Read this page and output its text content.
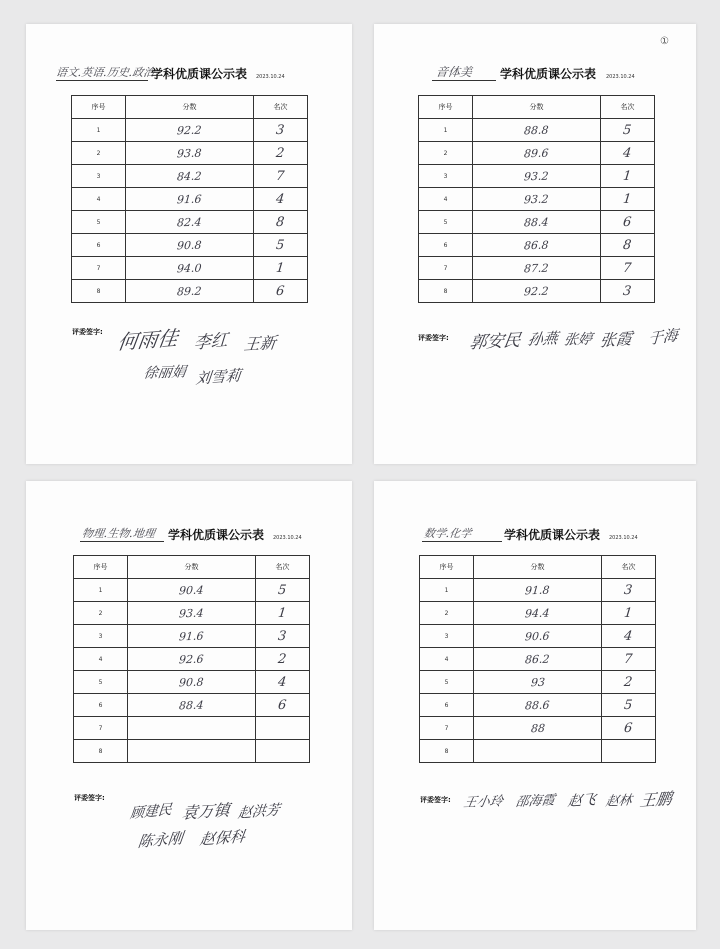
语文.英语.历史.政治
学科优质课公示表 2023.10.24
序号	分数	名次
1	92.2	3
2	93.8	2
3	84.2	7
4	91.6	4
5	82.4	8
6	90.8	5
7	94.0	1
8	89.2	6
评委签字: 何雨佳 李红 王新
徐丽娟 刘雪莉
①
音体美 学科优质课公示表 2023.10.24
序号	分数	名次
1	88.8	5
2	89.6	4
3	93.2	1
4	93.2	1
5	88.4	6
6	86.8	8
7	87.2	7
8	92.2	3
评委签字: 郭安民 孙燕 张婷 张霞 于海
物理.生物.地理 学科优质课公示表 2023.10.24
序号	分数	名次
1	90.4	5
2	93.4	1
3	91.6	3
4	92.6	2
5	90.8	4
6	88.4	6
7		
8		
评委签字:
顾建民 袁万镇 赵洪芳
陈永刚 赵保科
数学.化学	学科优质课公示表 2023.10.24
序号	分数	名次
1	91.8	3
2	94.4	1
3	90.6	4
4	86.2	7
5	93	2
6	88.6	5
7	88	6
8		
评委签字: 王小玲 邵海霞 赵飞 赵林 王鹏
